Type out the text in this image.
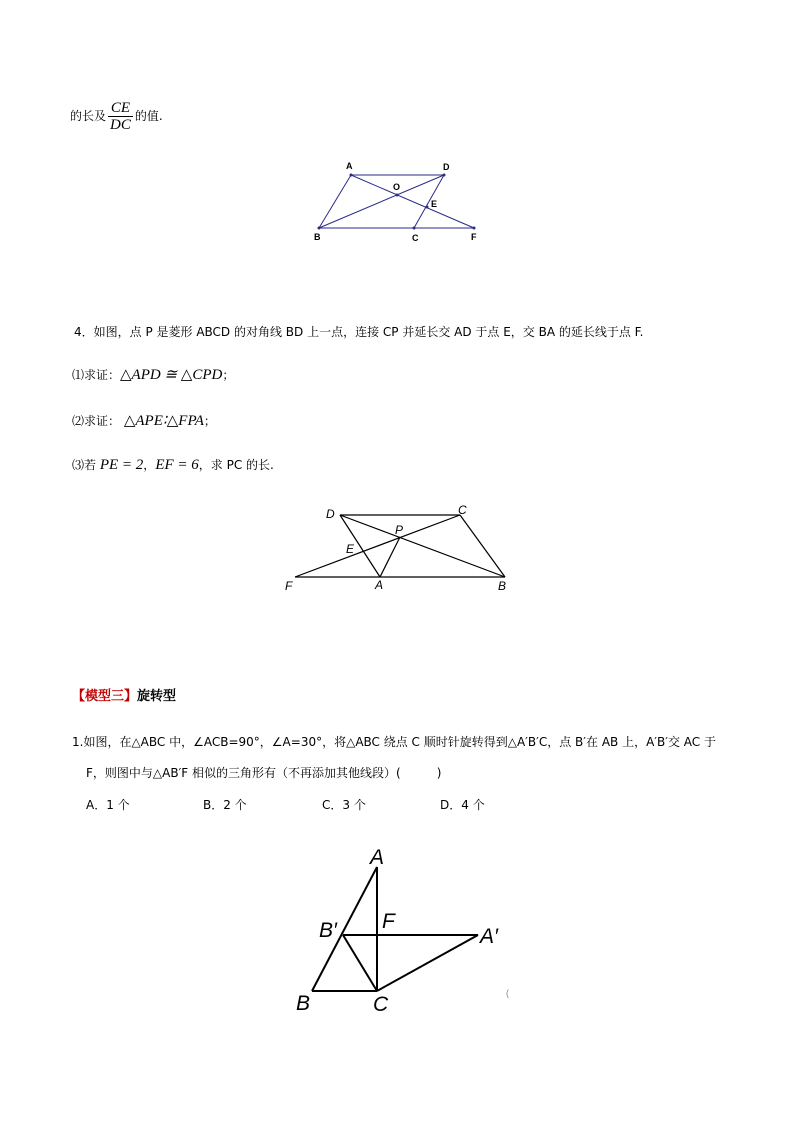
的长及 $\frac{CE}{DC}$ 的值.
A	D
O
E
B	C	F
4．如图，点 P 是菱形 ABCD 的对角线 BD 上一点，连接 CP 并延长交 AD 于点 E，交 BA 的延长线于点 F.
⑴求证：△APD ≅ △CPD；
⑵求证： △APE∶△FPA；
⑶若 PE = 2，EF = 6，求 PC 的长.
D	C
P
E
F	A	B
【模型三】旋转型
1.如图，在△ABC 中，∠ACB=90°，∠A=30°，将△ABC 绕点 C 顺时针旋转得到△A′B′C，点 B′在 AB 上，A′B′交 AC 于
F，则图中与△AB′F 相似的三角形有（不再添加其他线段）(　　　)
A．1 个	B．2 个	C．3 个	D．4 个
A
B′ F
A′
B	C	(
